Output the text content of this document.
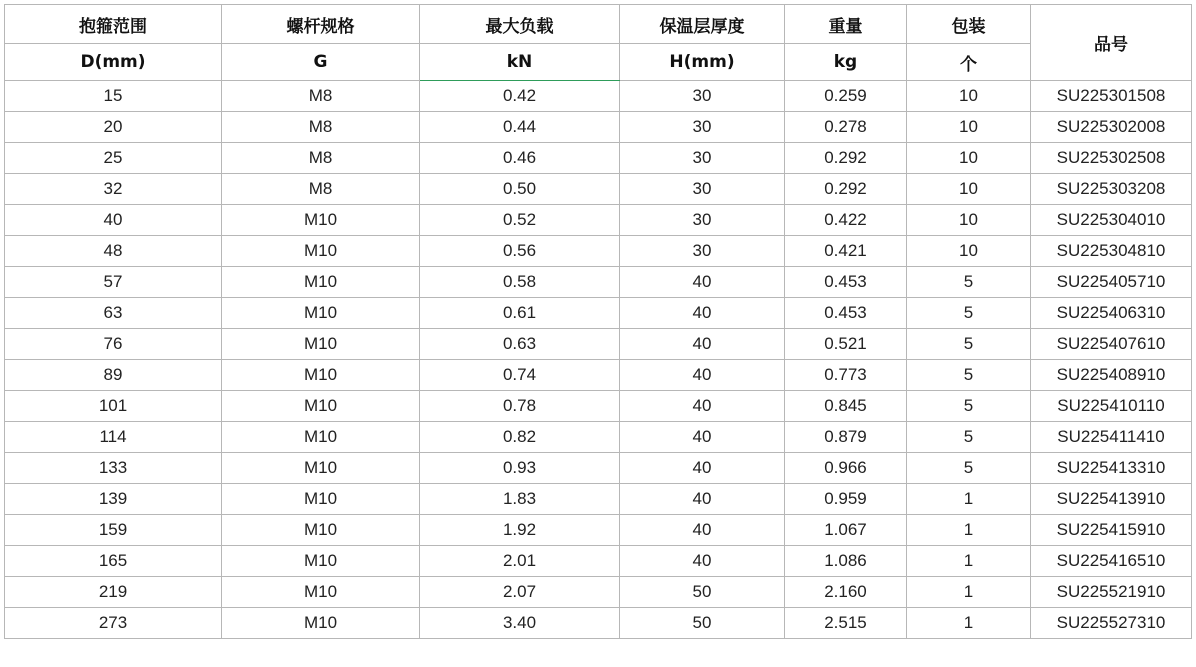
抱箍范围	螺杆规格	最大负载	保温层厚度	重量	包装	品号
D(mm)	G	kN	H(mm)	kg	个	
15	M8	0.42	30	0.259	10	SU225301508
20	M8	0.44	30	0.278	10	SU225302008
25	M8	0.46	30	0.292	10	SU225302508
32	M8	0.50	30	0.292	10	SU225303208
40	M10	0.52	30	0.422	10	SU225304010
48	M10	0.56	30	0.421	10	SU225304810
57	M10	0.58	40	0.453	5	SU225405710
63	M10	0.61	40	0.453	5	SU225406310
76	M10	0.63	40	0.521	5	SU225407610
89	M10	0.74	40	0.773	5	SU225408910
101	M10	0.78	40	0.845	5	SU225410110
114	M10	0.82	40	0.879	5	SU225411410
133	M10	0.93	40	0.966	5	SU225413310
139	M10	1.83	40	0.959	1	SU225413910
159	M10	1.92	40	1.067	1	SU225415910
165	M10	2.01	40	1.086	1	SU225416510
219	M10	2.07	50	2.160	1	SU225521910
273	M10	3.40	50	2.515	1	SU225527310
